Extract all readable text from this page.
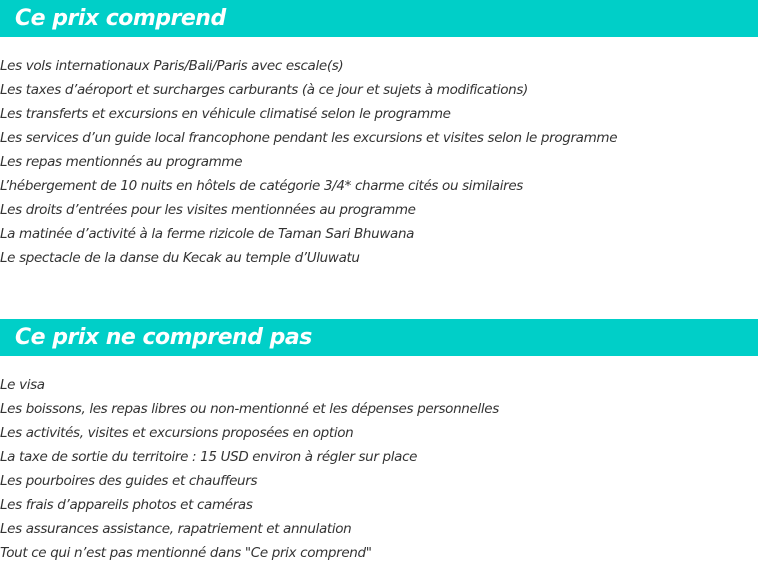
Ce prix comprend
Les vols internationaux Paris/Bali/Paris avec escale(s)
Les taxes d’aéroport et surcharges carburants (à ce jour et sujets à modifications)
Les transferts et excursions en véhicule climatisé selon le programme
Les services d’un guide local francophone pendant les excursions et visites selon le programme
Les repas mentionnés au programme
L’hébergement de 10 nuits en hôtels de catégorie 3/4* charme cités ou similaires
Les droits d’entrées pour les visites mentionnées au programme
La matinée d’activité à la ferme rizicole de Taman Sari Bhuwana
Le spectacle de la danse du Kecak au temple d’Uluwatu
Ce prix ne comprend pas
Le visa
Les boissons, les repas libres ou non-mentionné et les dépenses personnelles
Les activités, visites et excursions proposées en option
La taxe de sortie du territoire : 15 USD environ à régler sur place
Les pourboires des guides et chauffeurs
Les frais d’appareils photos et caméras
Les assurances assistance, rapatriement et annulation
Tout ce qui n’est pas mentionné dans "Ce prix comprend"
